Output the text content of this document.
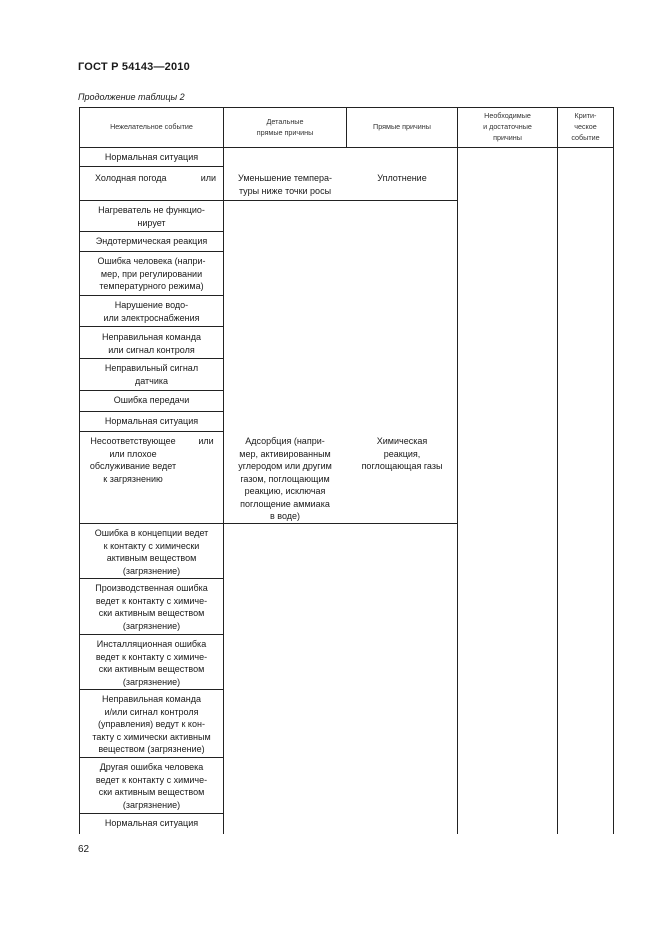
ГОСТ Р 54143—2010
Продолжение таблицы 2
62
Нежелательное событие
Детальные
прямые причины
Прямые причины
Необходимые
и достаточные
причины
Крити-
ческое
событие
Нормальная ситуация
Холодная погода	или
Нагреватель не функцио-
нирует
Эндотермическая реакция
Ошибка человека (напри-
мер, при регулировании
температурного режима)
Нарушение водо-
или электроснабжения
Неправильная команда
или сигнал контроля
Неправильный сигнал
датчика
Ошибка передачи
Нормальная ситуация
Несоответствующее
или плохое
обслуживание ведет
к загрязнению
или
Ошибка в концепции ведет
к контакту с химически
активным веществом
(загрязнение)
Производственная ошибка
ведет к контакту с химиче-
ски активным веществом
(загрязнение)
Инсталляционная ошибка
ведет к контакту с химиче-
ски активным веществом
(загрязнение)
Неправильная команда
и/или сигнал контроля
(управления) ведут к кон-
такту с химически активным
веществом (загрязнение)
Другая ошибка человека
ведет к контакту с химиче-
ски активным веществом
(загрязнение)
Нормальная ситуация
Уменьшение темпера-
туры ниже точки росы
Адсорбция (напри-
мер, активированным
углеродом или другим
газом, поглощающим
реакцию, исключая
поглощение аммиака
в воде)
Уплотнение
Химическая
реакция,
поглощающая газы
